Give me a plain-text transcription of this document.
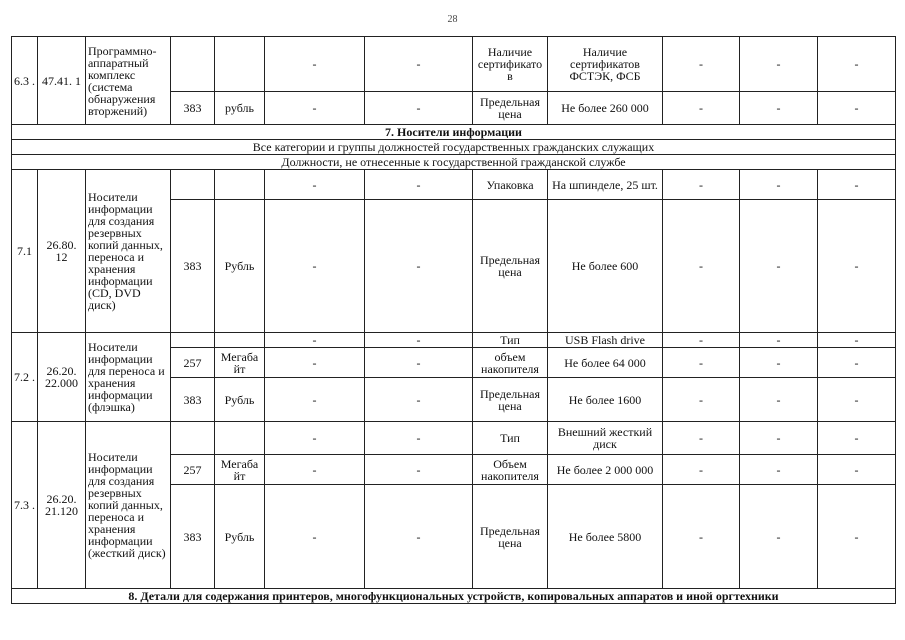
28
6.3 .	47.41. 1	Программно-аппаратный комплекс (система обнаружения вторжений)			-	-	Наличие сертификато в	Наличие сертификатов ФСТЭК, ФСБ	-	-	-
			383	рубль	-	-	Предельная цена	Не более 260 000	-	-	-
7. Носители информации											
Все категории и группы должностей государственных гражданских служащих											
Должности, не отнесенные к государственной гражданской службе											
7.1	26.80. 12	Носители информации для создания резервных копий данных, переноса и хранения информации (CD, DVD диск)			-	-	Упаковка	На шпинделе, 25 шт.	-	-	-
			383	Рубль	-	-	Предельная цена	Не более 600	-	-	-
7.2 .	26.20. 22.000	Носители информации для переноса и хранения информации (флэшка)			-	-	Тип	USB Flash drive	-	-	-
			257	Мегаба йт	-	-	объем накопителя	Не более 64 000	-	-	-
			383	Рубль	-	-	Предельная цена	Не более 1600	-	-	-
7.3 .	26.20. 21.120	Носители информации для создания резервных копий данных, переноса и хранения информации (жесткий диск)			-	-	Тип	Внешний жесткий диск	-	-	-
			257	Мегаба йт	-	-	Объем накопителя	Не более 2 000 000	-	-	-
			383	Рубль	-	-	Предельная цена	Не более 5800	-	-	-
8. Детали для содержания принтеров, многофункциональных устройств, копировальных аппаратов и иной оргтехники											
